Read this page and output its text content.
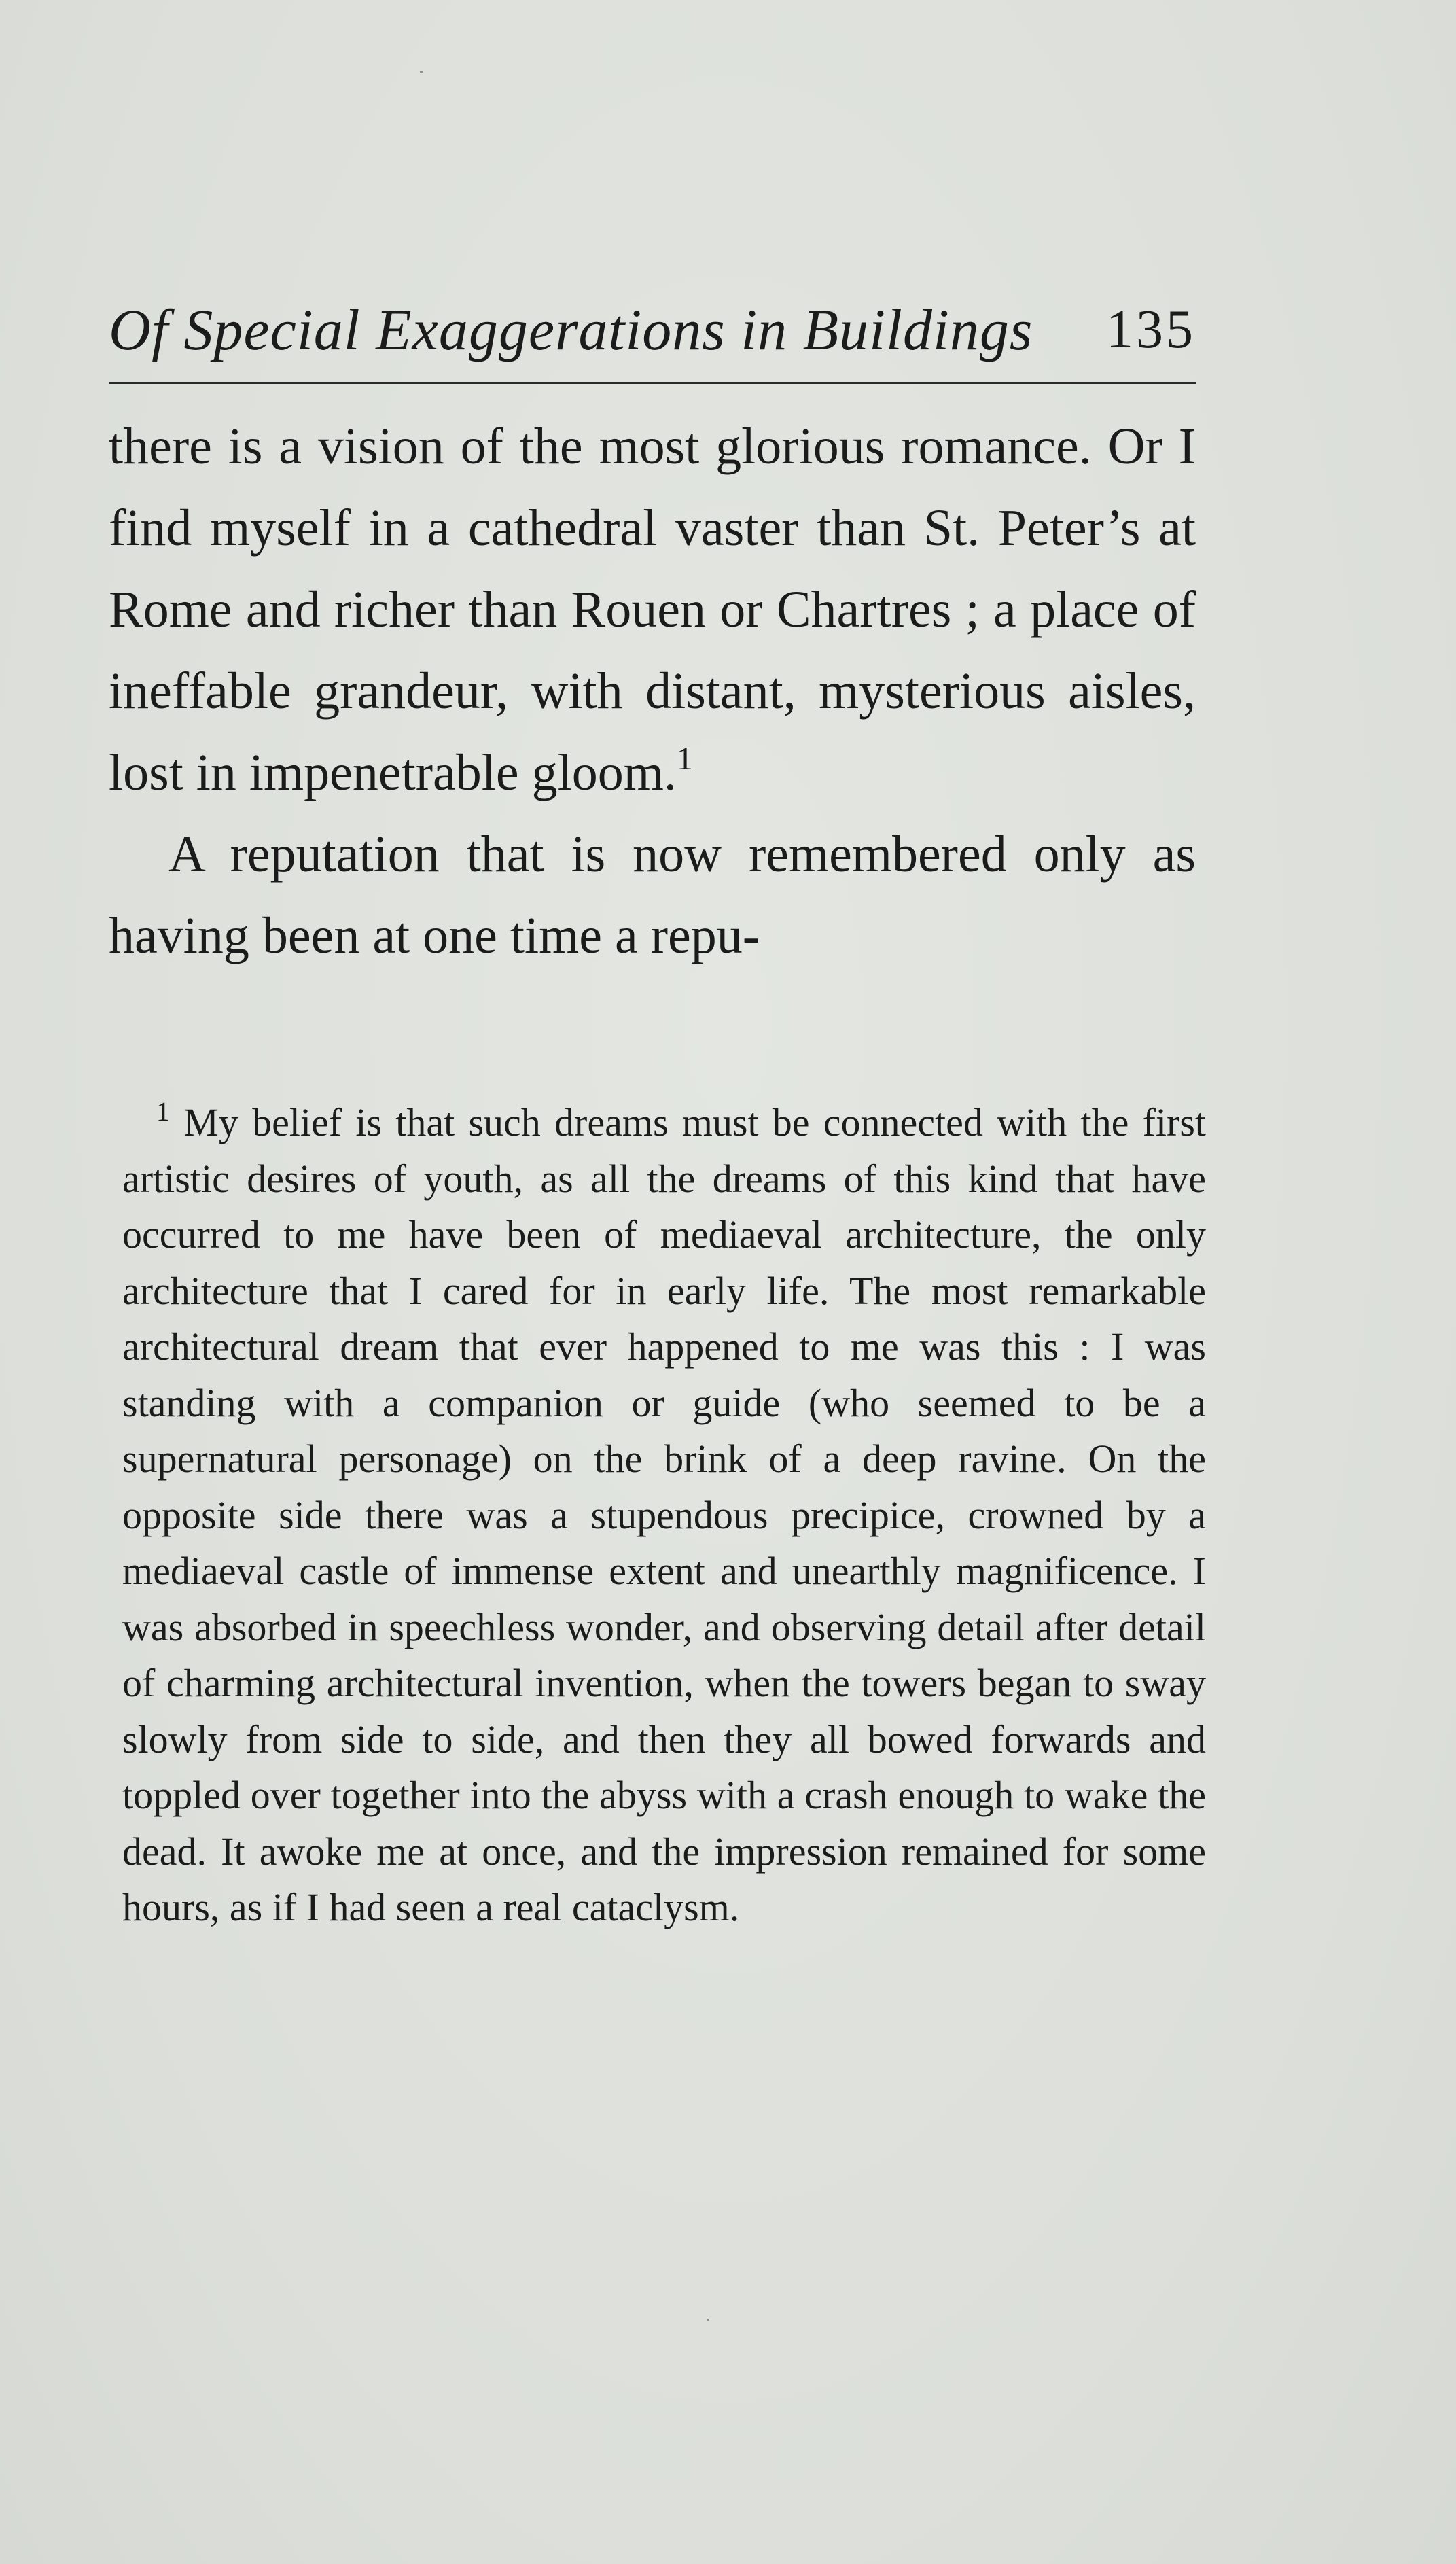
Of Special Exaggerations in Buildings 135

there is a vision of the most glorious romance. Or I find myself in a cathedral vaster than St. Peter’s at Rome and richer than Rouen or Chartres ; a place of ineffable grandeur, with distant, mysterious aisles, lost in impenetrable gloom.$^1$

A reputation that is now remembered only as having been at one time a repu-

$^1$ My belief is that such dreams must be connected with the first artistic desires of youth, as all the dreams of this kind that have occurred to me have been of mediaeval architecture, the only architecture that I cared for in early life. The most remarkable architectural dream that ever happened to me was this : I was standing with a companion or guide (who seemed to be a supernatural personage) on the brink of a deep ravine. On the opposite side there was a stupendous precipice, crowned by a mediaeval castle of immense extent and unearthly magnificence. I was absorbed in speechless wonder, and observing detail after detail of charming architectural invention, when the towers began to sway slowly from side to side, and then they all bowed forwards and toppled over together into the abyss with a crash enough to wake the dead. It awoke me at once, and the impression remained for some hours, as if I had seen a real cataclysm.
